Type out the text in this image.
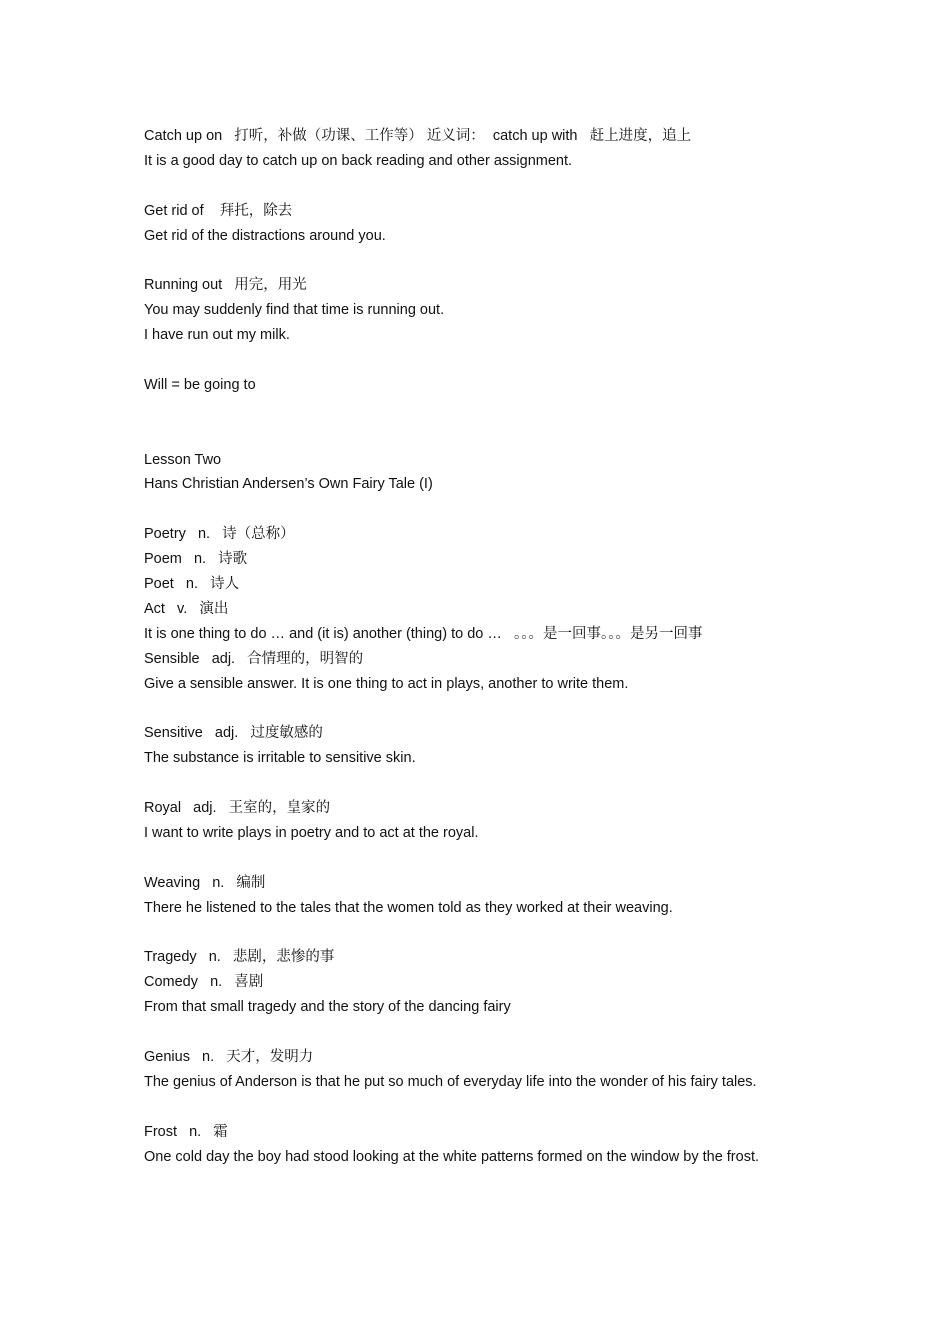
Catch up on   打听，补做（功课、工作等） 近义词：  catch up with   赶上进度，追上

It is a good day to catch up on back reading and other assignment.

Get rid of    拜托，除去

Get rid of the distractions around you.

Running out   用完，用光

You may suddenly find that time is running out.

I have run out my milk.

Will = be going to

Lesson Two

Hans Christian Andersen’s Own Fairy Tale (I)

Poetry   n.   诗（总称）

Poem   n.   诗歌

Poet   n.   诗人

Act   v.   演出

It is one thing to do … and (it is) another (thing) to do …   。。。是一回事。。。是另一回事

Sensible   adj.   合情理的，明智的

Give a sensible answer. It is one thing to act in plays, another to write them.

Sensitive   adj.   过度敏感的

The substance is irritable to sensitive skin.

Royal   adj.   王室的，皇家的

I want to write plays in poetry and to act at the royal.

Weaving   n.   编制

There he listened to the tales that the women told as they worked at their weaving.

Tragedy   n.   悲剧，悲惨的事

Comedy   n.   喜剧

From that small tragedy and the story of the dancing fairy

Genius   n.   天才，发明力

The genius of Anderson is that he put so much of everyday life into the wonder of his fairy tales.

Frost   n.   霜

One cold day the boy had stood looking at the white patterns formed on the window by the frost.
